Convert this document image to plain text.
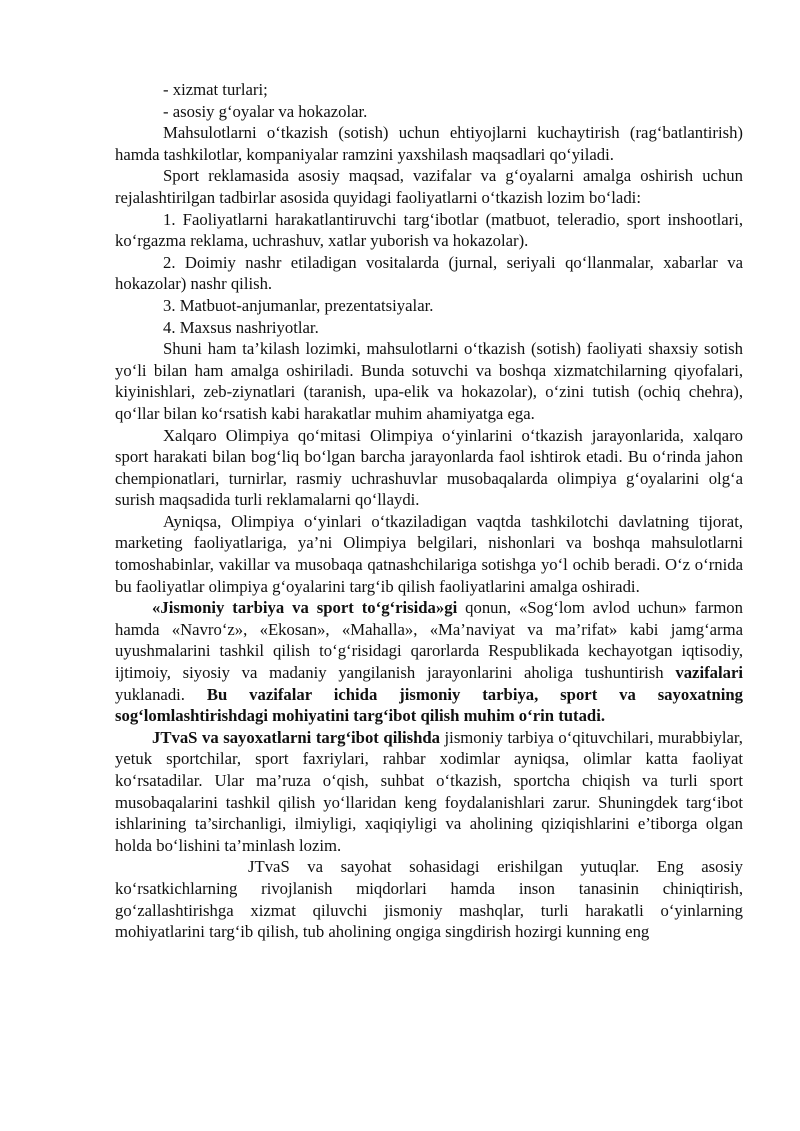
- xizmat turlari;

- asosiy g‘oyalar va hokazolar.

Mahsulotlarni o‘tkazish (sotish) uchun ehtiyojlarni kuchaytirish (rag‘batlantirish) hamda tashkilotlar, kompaniyalar ramzini yaxshilash maqsadlari qo‘yiladi.

Sport reklamasida asosiy maqsad, vazifalar va g‘oyalarni amalga oshirish uchun rejalashtirilgan tadbirlar asosida quyidagi faoliyatlarni o‘tkazish lozim bo‘ladi:

1. Faoliyatlarni harakatlantiruvchi targ‘ibotlar (matbuot, teleradio, sport inshootlari, ko‘rgazma reklama, uchrashuv, xatlar yuborish va hokazolar).

2. Doimiy nashr etiladigan vositalarda (jurnal, seriyali qo‘llanmalar, xabarlar va hokazolar) nashr qilish.

3. Matbuot-anjumanlar, prezentatsiyalar.

4. Maxsus nashriyotlar.

Shuni ham ta’kilash lozimki, mahsulotlarni o‘tkazish (sotish) faoliyati shaxsiy sotish yo‘li bilan ham amalga oshiriladi. Bunda sotuvchi va boshqa xizmatchilarning qiyofalari, kiyinishlari, zeb-ziynatlari (taranish, upa-elik va hokazolar), o‘zini tutish (ochiq chehra), qo‘llar bilan ko‘rsatish kabi harakatlar muhim ahamiyatga ega.

Xalqaro Olimpiya qo‘mitasi Olimpiya o‘yinlarini o‘tkazish jarayonlarida, xalqaro sport harakati bilan bog‘liq bo‘lgan barcha jarayonlarda faol ishtirok etadi. Bu o‘rinda jahon chempionatlari, turnirlar, rasmiy uchrashuvlar musobaqalarda olimpiya g‘oyalarini olg‘a surish maqsadida turli reklamalarni qo‘llaydi.

Ayniqsa, Olimpiya o‘yinlari o‘tkaziladigan vaqtda tashkilotchi davlatning tijorat, marketing faoliyatlariga, ya’ni Olimpiya belgilari, nishonlari va boshqa mahsulotlarni tomoshabinlar, vakillar va musobaqa qatnashchilariga sotishga yo‘l ochib beradi. O‘z o‘rnida bu faoliyatlar olimpiya g‘oyalarini targ‘ib qilish faoliyatlarini amalga oshiradi.

«Jismoniy tarbiya va sport to‘g‘risida»gi qonun, «Sog‘lom avlod uchun» farmon hamda «Navro‘z», «Ekosan», «Mahalla», «Ma’naviyat va ma’rifat» kabi jamg‘arma uyushmalarini tashkil qilish to‘g‘risidagi qarorlarda Respublikada kechayotgan iqtisodiy, ijtimoiy, siyosiy va madaniy yangilanish jarayonlarini aholiga tushuntirish vazifalari yuklanadi. Bu vazifalar ichida jismoniy tarbiya, sport va sayoxatning sog‘lomlashtirishdagi mohiyatini targ‘ibot qilish muhim o‘rin tutadi.

JTvaS va sayoxatlarni targ‘ibot qilishda jismoniy tarbiya o‘qituvchilari, murabbiylar, yetuk sportchilar, sport faxriylari, rahbar xodimlar ayniqsa, olimlar katta faoliyat ko‘rsatadilar. Ular ma’ruza o‘qish, suhbat o‘tkazish, sportcha chiqish va turli sport musobaqalarini tashkil qilish yo‘llaridan keng foydalanishlari zarur. Shuningdek targ‘ibot ishlarining ta’sirchanligi, ilmiyligi, xaqiqiyligi va aholining qiziqishlarini e’tiborga olgan holda bo‘lishini ta’minlash lozim.

JTvaS va sayohat sohasidagi erishilgan yutuqlar. Eng asosiy ko‘rsatkichlarning rivojlanish miqdorlari hamda inson tanasinin chiniqtirish, go‘zallashtirishga xizmat qiluvchi jismoniy mashqlar, turli harakatli o‘yinlarning mohiyatlarini targ‘ib qilish, tub aholining ongiga singdirish hozirgi kunning eng
